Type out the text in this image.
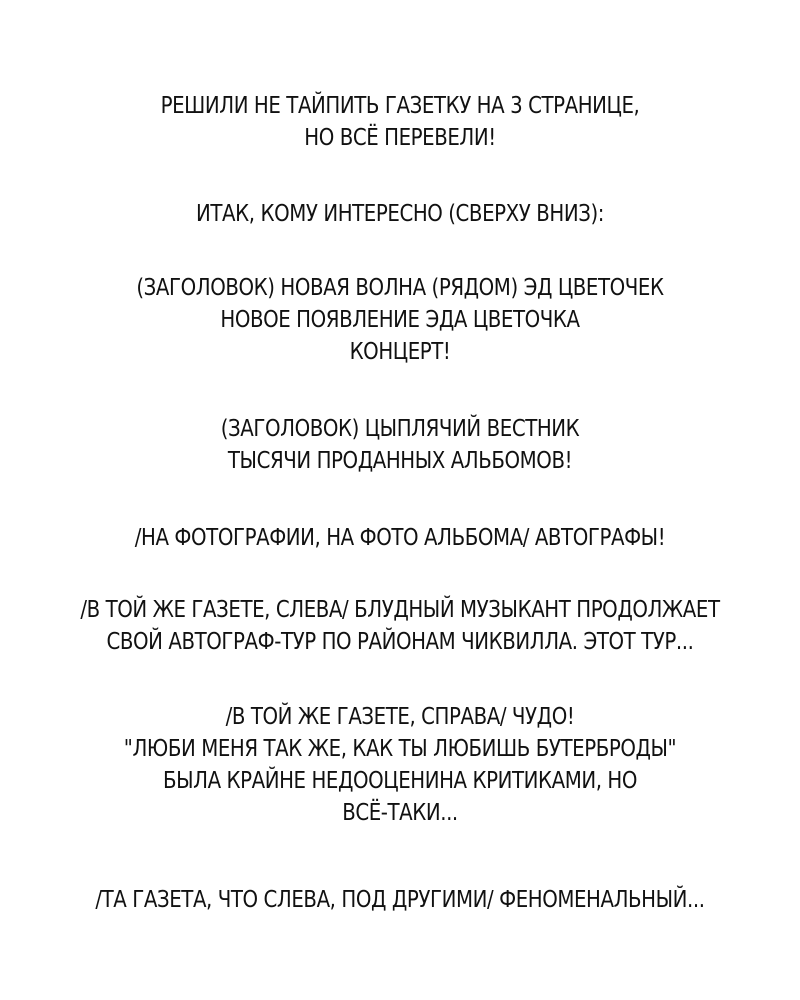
РЕШИЛИ НЕ ТАЙПИТЬ ГАЗЕТКУ НА 3 СТРАНИЦЕ,
НО ВСЁ ПЕРЕВЕЛИ!
ИТАК, КОМУ ИНТЕРЕСНО (СВЕРХУ ВНИЗ):
(ЗАГОЛОВОК) НОВАЯ ВОЛНА (РЯДОМ) ЭД ЦВЕТОЧЕК
НОВОЕ ПОЯВЛЕНИЕ ЭДА ЦВЕТОЧКА
КОНЦЕРТ!
(ЗАГОЛОВОК) ЦЫПЛЯЧИЙ ВЕСТНИК
ТЫСЯЧИ ПРОДАННЫХ АЛЬБОМОВ!
/НА ФОТОГРАФИИ, НА ФОТО АЛЬБОМА/ АВТОГРАФЫ!
/В ТОЙ ЖЕ ГАЗЕТЕ, СЛЕВА/ БЛУДНЫЙ МУЗЫКАНТ ПРОДОЛЖАЕТ
СВОЙ АВТОГРАФ-ТУР ПО РАЙОНАМ ЧИКВИЛЛА. ЭТОТ ТУР...
/В ТОЙ ЖЕ ГАЗЕТЕ, СПРАВА/ ЧУДО!
"ЛЮБИ МЕНЯ ТАК ЖЕ, КАК ТЫ ЛЮБИШЬ БУТЕРБРОДЫ"
БЫЛА КРАЙНЕ НЕДООЦЕНИНА КРИТИКАМИ, НО
ВСЁ-ТАКИ...
/ТА ГАЗЕТА, ЧТО СЛЕВА, ПОД ДРУГИМИ/ ФЕНОМЕНАЛЬНЫЙ...
